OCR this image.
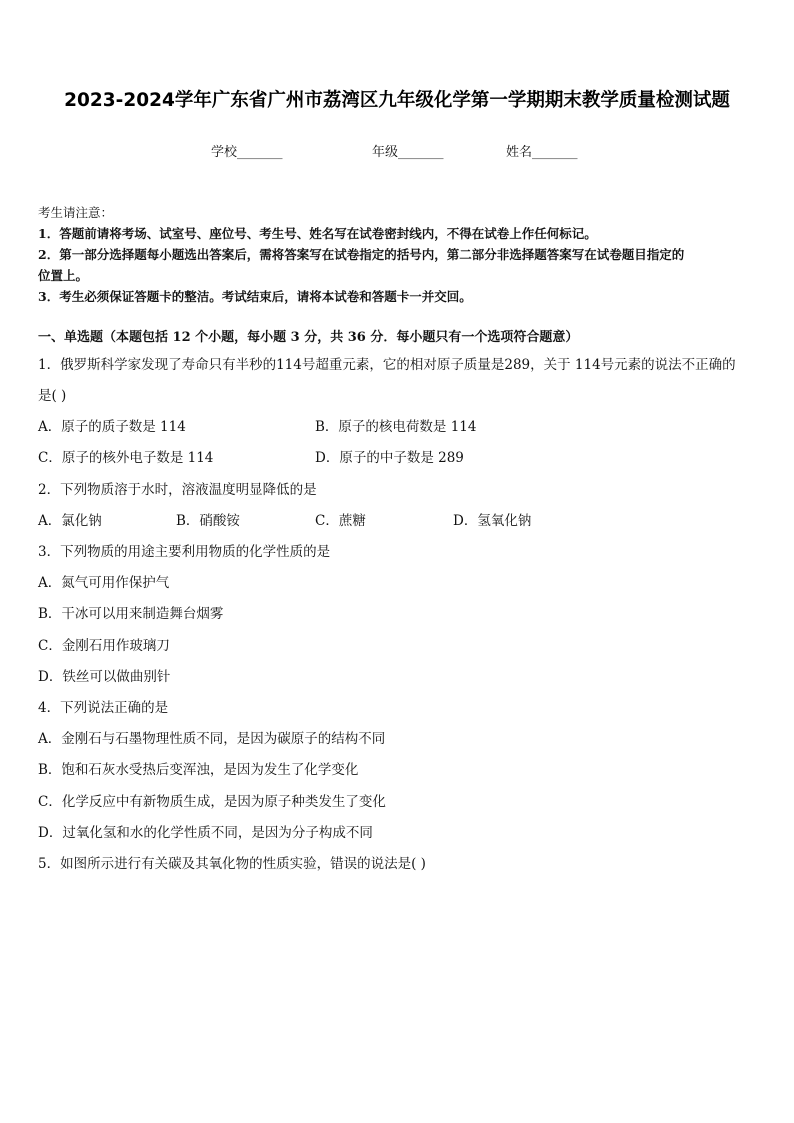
2023-2024学年广东省广州市荔湾区九年级化学第一学期期末教学质量检测试题
学校_______	年级_______	姓名_______
考生请注意：
1．答题前请将考场、试室号、座位号、考生号、姓名写在试卷密封线内，不得在试卷上作任何标记。
2．第一部分选择题每小题选出答案后，需将答案写在试卷指定的括号内，第二部分非选择题答案写在试卷题目指定的
位置上。
3．考生必须保证答题卡的整洁。考试结束后，请将本试卷和答题卡一并交回。
一、单选题（本题包括 12 个小题，每小题 3 分，共 36 分．每小题只有一个选项符合题意）
1．俄罗斯科学家发现了寿命只有半秒的114号超重元素，它的相对原子质量是289，关于 114号元素的说法不正确的
是( )
A．原子的质子数是 114	B．原子的核电荷数是 114
C．原子的核外电子数是 114	D．原子的中子数是 289
2．下列物质溶于水时，溶液温度明显降低的是
A．氯化钠	B．硝酸铵	C．蔗糖	D．氢氧化钠
3．下列物质的用途主要利用物质的化学性质的是
A．氮气可用作保护气
B．干冰可以用来制造舞台烟雾
C．金刚石用作玻璃刀
D．铁丝可以做曲别针
4．下列说法正确的是
A．金刚石与石墨物理性质不同，是因为碳原子的结构不同
B．饱和石灰水受热后变浑浊，是因为发生了化学变化
C．化学反应中有新物质生成，是因为原子种类发生了变化
D．过氧化氢和水的化学性质不同，是因为分子构成不同
5．如图所示进行有关碳及其氧化物的性质实验，错误的说法是( )
